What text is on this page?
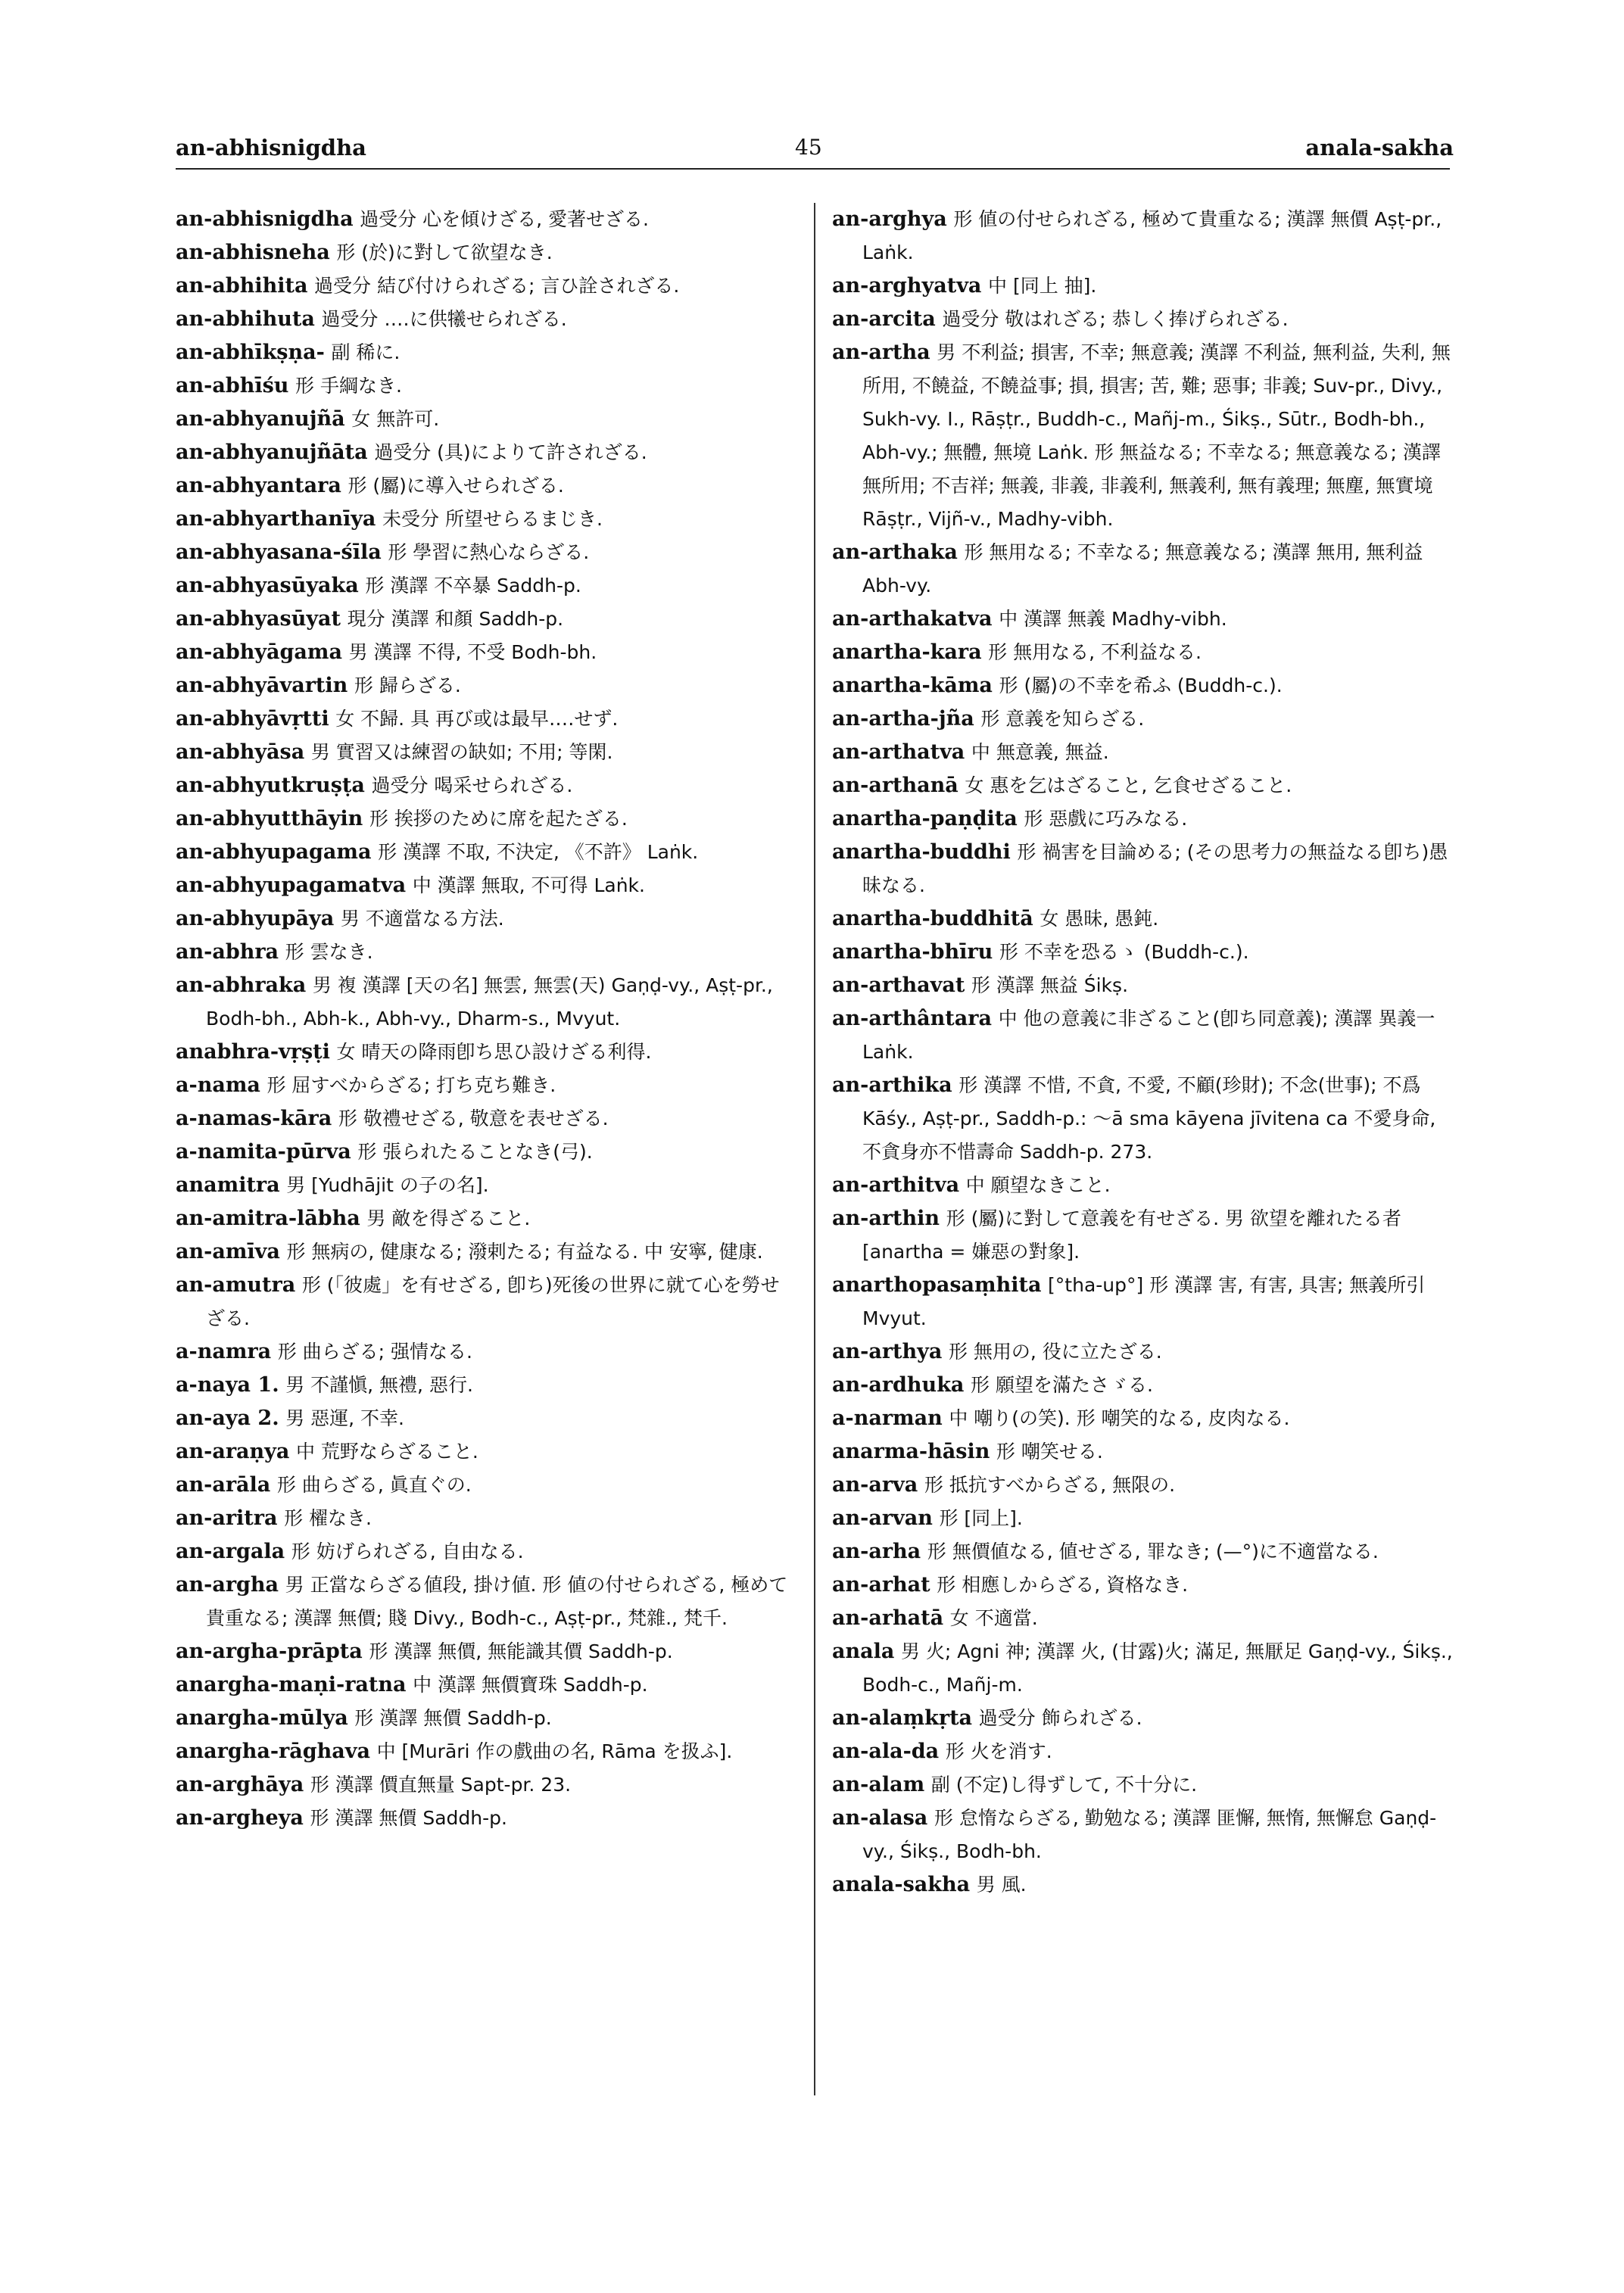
an-abhisnigdha	45	anala-sakha

an-abhisnigdha 過受分 心を傾けざる, 愛著せざる.

an-abhisneha 形 (於)に對して欲望なき.

an-abhihita 過受分 結び付けられざる; 言ひ詮されざる.

an-abhihuta 過受分 ‥‥に供犧せられざる.

an-abhīkṣṇa- 副 稀に.

an-abhīśu 形 手綱なき.

an-abhyanujñā 女 無許可.

an-abhyanujñāta 過受分 (具)によりて許されざる.

an-abhyantara 形 (屬)に導入せられざる.

an-abhyarthanīya 未受分 所望せらるまじき.

an-abhyasana-śīla 形 學習に熱心ならざる.

an-abhyasūyaka 形 漢譯 不卒暴 Saddh-p.

an-abhyasūyat 現分 漢譯 和顏 Saddh-p.

an-abhyāgama 男 漢譯 不得, 不受 Bodh-bh.

an-abhyāvartin 形 歸らざる.

an-abhyāvṛtti 女 不歸. 具 再び或は最早‥‥せず.

an-abhyāsa 男 實習又は練習の缺如; 不用; 等閑.

an-abhyutkruṣṭa 過受分 喝采せられざる.

an-abhyutthāyin 形 挨拶のために席を起たざる.

an-abhyupagama 形 漢譯 不取, 不決定, 《不許》 Laṅk.

an-abhyupagamatva 中 漢譯 無取, 不可得 Laṅk.

an-abhyupāya 男 不適當なる方法.

an-abhra 形 雲なき.

an-abhraka 男 複 漢譯 [天の名] 無雲, 無雲(天) Gaṇḍ-vy., Aṣṭ-pr., Bodh-bh., Abh-k., Abh-vy., Dharm-s., Mvyut.

anabhra-vṛṣṭi 女 晴天の降雨卽ち思ひ設けざる利得.

a-nama 形 屈すべからざる; 打ち克ち難き.

a-namas-kāra 形 敬禮せざる, 敬意を表せざる.

a-namita-pūrva 形 張られたることなき(弓).

anamitra 男 [Yudhājit の子の名].

an-amitra-lābha 男 敵を得ざること.

an-amīva 形 無病の, 健康なる; 潑剌たる; 有益なる. 中 安寧, 健康.

an-amutra 形 (「彼處」を有せざる, 卽ち)死後の世界に就て心を勞せざる.

a-namra 形 曲らざる; 强情なる.

a-naya 1. 男 不謹愼, 無禮, 惡行.

an-aya 2. 男 惡運, 不幸.

an-araṇya 中 荒野ならざること.

an-arāla 形 曲らざる, 眞直ぐの.

an-aritra 形 櫂なき.

an-argala 形 妨げられざる, 自由なる.

an-argha 男 正當ならざる値段, 掛け値. 形 値の付せられざる, 極めて貴重なる; 漢譯 無價; 賤 Divy., Bodh-c., Aṣṭ-pr., 梵雜., 梵千.

an-argha-prāpta 形 漢譯 無價, 無能識其價 Saddh-p.

anargha-maṇi-ratna 中 漢譯 無價寶珠 Saddh-p.

anargha-mūlya 形 漢譯 無價 Saddh-p.

anargha-rāghava 中 [Murāri 作の戲曲の名, Rāma を扱ふ].

an-arghāya 形 漢譯 價直無量 Sapt-pr. 23.

an-argheya 形 漢譯 無價 Saddh-p.

an-arghya 形 値の付せられざる, 極めて貴重なる; 漢譯 無價 Aṣṭ-pr., Laṅk.

an-arghyatva 中 [同上 抽].

an-arcita 過受分 敬はれざる; 恭しく捧げられざる.

an-artha 男 不利益; 損害, 不幸; 無意義; 漢譯 不利益, 無利益, 失利, 無所用, 不饒益, 不饒益事; 損, 損害; 苦, 難; 惡事; 非義; Suv-pr., Divy., Sukh-vy. I., Rāṣṭr., Buddh-c., Mañj-m., Śikṣ., Sūtr., Bodh-bh., Abh-vy.; 無體, 無境 Laṅk. 形 無益なる; 不幸なる; 無意義なる; 漢譯 無所用; 不吉祥; 無義, 非義, 非義利, 無義利, 無有義理; 無塵, 無實境 Rāṣṭr., Vijñ-v., Madhy-vibh.

an-arthaka 形 無用なる; 不幸なる; 無意義なる; 漢譯 無用, 無利益 Abh-vy.

an-arthakatva 中 漢譯 無義 Madhy-vibh.

anartha-kara 形 無用なる, 不利益なる.

anartha-kāma 形 (屬)の不幸を希ふ (Buddh-c.).

an-artha-jña 形 意義を知らざる.

an-arthatva 中 無意義, 無益.

an-arthanā 女 惠を乞はざること, 乞食せざること.

anartha-paṇḍita 形 惡戲に巧みなる.

anartha-buddhi 形 禍害を目論める; (その思考力の無益なる卽ち)愚昧なる.

anartha-buddhitā 女 愚昧, 愚鈍.

anartha-bhīru 形 不幸を恐るゝ (Buddh-c.).

an-arthavat 形 漢譯 無益 Śikṣ.

an-arthântara 中 他の意義に非ざること(卽ち同意義); 漢譯 異義一 Laṅk.

an-arthika 形 漢譯 不惜, 不貪, 不愛, 不顧(珍財); 不念(世事); 不爲 Kāśy., Aṣṭ-pr., Saddh-p.: 〜ā sma kāyena jīvitena ca 不愛身命, 不貪身亦不惜壽命 Saddh-p. 273.

an-arthitva 中 願望なきこと.

an-arthin 形 (屬)に對して意義を有せざる. 男 欲望を離れたる者 [anartha = 嫌惡の對象].

anarthopasaṃhita [°tha-up°] 形 漢譯 害, 有害, 具害; 無義所引 Mvyut.

an-arthya 形 無用の, 役に立たざる.

an-ardhuka 形 願望を滿たさゞる.

a-narman 中 嘲り(の笑). 形 嘲笑的なる, 皮肉なる.

anarma-hāsin 形 嘲笑せる.

an-arva 形 抵抗すべからざる, 無限の.

an-arvan 形 [同上].

an-arha 形 無價値なる, 値せざる, 罪なき; (—°)に不適當なる.

an-arhat 形 相應しからざる, 資格なき.

an-arhatā 女 不適當.

anala 男 火; Agni 神; 漢譯 火, (甘露)火; 滿足, 無厭足 Gaṇḍ-vy., Śikṣ., Bodh-c., Mañj-m.

an-alaṃkṛta 過受分 飾られざる.

an-ala-da 形 火を消す.

an-alam 副 (不定)し得ずして, 不十分に.

an-alasa 形 怠惰ならざる, 勤勉なる; 漢譯 匪懈, 無惰, 無懈怠 Gaṇḍ-vy., Śikṣ., Bodh-bh.

anala-sakha 男 風.
